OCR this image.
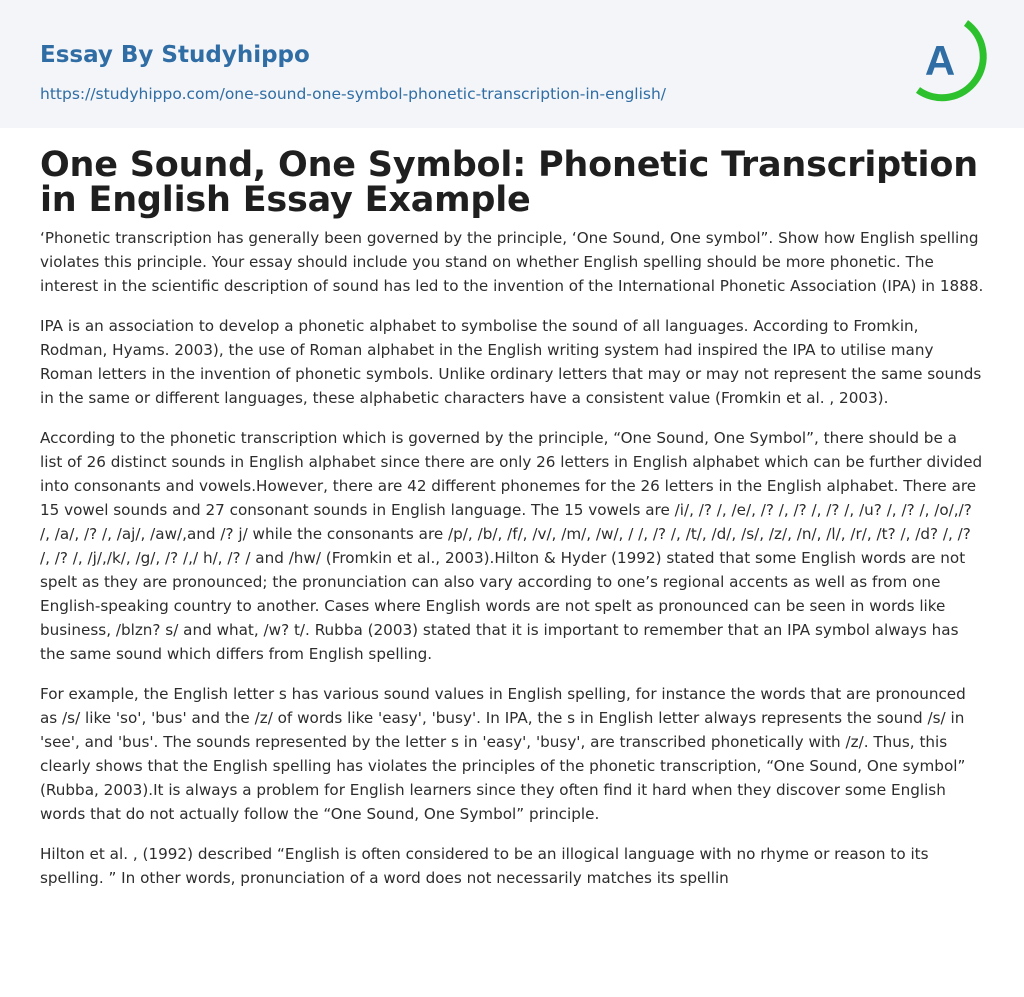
Essay By Studyhippo
https://studyhippo.com/one-sound-one-symbol-phonetic-transcription-in-english/
A
One Sound, One Symbol: Phonetic Transcription in English Essay Example

‘Phonetic transcription has generally been governed by the principle, ‘One Sound, One symbol”. Show how English spelling violates this principle. Your essay should include you stand on whether English spelling should be more phonetic. The interest in the scientific description of sound has led to the invention of the International Phonetic Association (IPA) in 1888.

IPA is an association to develop a phonetic alphabet to symbolise the sound of all languages. According to Fromkin, Rodman, Hyams. 2003), the use of Roman alphabet in the English writing system had inspired the IPA to utilise many Roman letters in the invention of phonetic symbols. Unlike ordinary letters that may or may not represent the same sounds in the same or different languages, these alphabetic characters have a consistent value (Fromkin et al. , 2003).

According to the phonetic transcription which is governed by the principle, “One Sound, One Symbol”, there should be a list of 26 distinct sounds in English alphabet since there are only 26 letters in English alphabet which can be further divided into consonants and vowels.However, there are 42 different phonemes for the 26 letters in the English alphabet. There are 15 vowel sounds and 27 consonant sounds in English language. The 15 vowels are /i/, /? /, /e/, /? /, /? /, /? /, /u? /, /? /, /o/,/? /, /a/, /? /, /aj/, /aw/,and /? j/ while the consonants are /p/, /b/, /f/, /v/, /m/, /w/, / /, /? /, /t/, /d/, /s/, /z/, /n/, /l/, /r/, /t? /, /d? /, /? /, /? /, /j/,/k/, /g/, /? /,/ h/, /? / and /hw/ (Fromkin et al., 2003).Hilton & Hyder (1992) stated that some English words are not spelt as they are pronounced; the pronunciation can also vary according to one’s regional accents as well as from one English-speaking country to another. Cases where English words are not spelt as pronounced can be seen in words like business, /blzn? s/ and what, /w? t/. Rubba (2003) stated that it is important to remember that an IPA symbol always has the same sound which differs from English spelling.

For example, the English letter s has various sound values in English spelling, for instance the words that are pronounced as /s/ like 'so', 'bus' and the /z/ of words like 'easy', 'busy'. In IPA, the s in English letter always represents the sound /s/ in 'see', and 'bus'. The sounds represented by the letter s in 'easy', 'busy', are transcribed phonetically with /z/. Thus, this clearly shows that the English spelling has violates the principles of the phonetic transcription, “One Sound, One symbol” (Rubba, 2003).It is always a problem for English learners since they often find it hard when they discover some English words that do not actually follow the “One Sound, One Symbol” principle.

Hilton et al. , (1992) described “English is often considered to be an illogical language with no rhyme or reason to its spelling. ” In other words, pronunciation of a word does not necessarily matches its spellin
